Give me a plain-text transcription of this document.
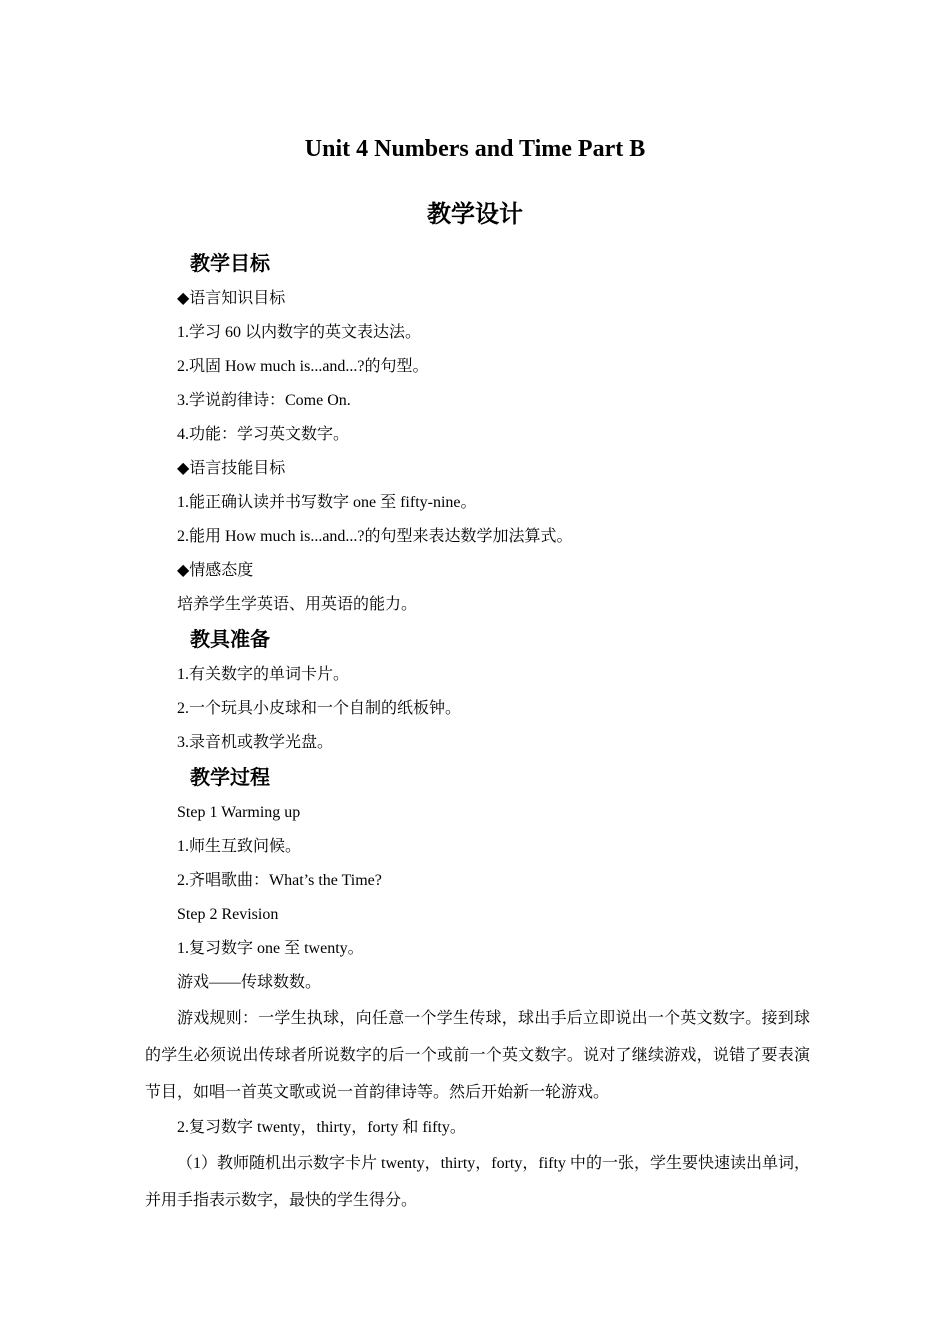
Unit 4 Numbers and Time Part B
教学设计
教学目标
◆语言知识目标
1.学习 60 以内数字的英文表达法。
2.巩固 How much is...and...?的句型。
3.学说韵律诗：Come On.
4.功能：学习英文数字。
◆语言技能目标
1.能正确认读并书写数字 one 至 fifty-nine。
2.能用 How much is...and...?的句型来表达数学加法算式。
◆情感态度
培养学生学英语、用英语的能力。
教具准备
1.有关数字的单词卡片。
2.一个玩具小皮球和一个自制的纸板钟。
3.录音机或教学光盘。
教学过程
Step 1 Warming up
1.师生互致问候。
2.齐唱歌曲：What’s the Time?
Step 2 Revision
1.复习数字 one 至 twenty。
游戏——传球数数。

游戏规则：一学生执球，向任意一个学生传球，球出手后立即说出一个英文数字。接到球的学生必须说出传球者所说数字的后一个或前一个英文数字。说对了继续游戏，说错了要表演节目，如唱一首英文歌或说一首韵律诗等。然后开始新一轮游戏。

2.复习数字 twenty，thirty，forty 和 fifty。

（1）教师随机出示数字卡片 twenty，thirty，forty，fifty 中的一张，学生要快速读出单词，并用手指表示数字，最快的学生得分。
